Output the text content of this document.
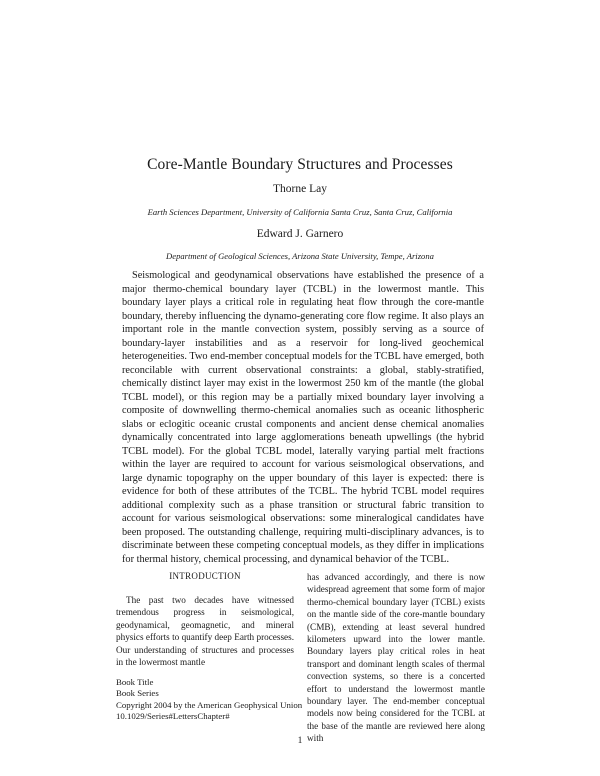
Core-Mantle Boundary Structures and Processes
Thorne Lay
Earth Sciences Department, University of California Santa Cruz, Santa Cruz, California
Edward J. Garnero
Department of Geological Sciences, Arizona State University, Tempe, Arizona

Seismological and geodynamical observations have established the presence of a major thermo-chemical boundary layer (TCBL) in the lowermost mantle. This boundary layer plays a critical role in regulating heat flow through the core-mantle boundary, thereby influencing the dynamo-generating core flow regime. It also plays an important role in the mantle convection system, possibly serving as a source of boundary-layer instabilities and as a reservoir for long-lived geochemical heterogeneities. Two end-member conceptual models for the TCBL have emerged, both reconcilable with current observational constraints: a global, stably-stratified, chemically distinct layer may exist in the lowermost 250 km of the mantle (the global TCBL model), or this region may be a partially mixed boundary layer involving a composite of downwelling thermo-chemical anomalies such as oceanic lithospheric slabs or eclogitic oceanic crustal components and ancient dense chemical anomalies dynamically concentrated into large agglomerations beneath upwellings (the hybrid TCBL model). For the global TCBL model, laterally varying partial melt fractions within the layer are required to account for various seismological observations, and large dynamic topography on the upper boundary of this layer is expected: there is evidence for both of these attributes of the TCBL. The hybrid TCBL model requires additional complexity such as a phase transition or structural fabric transition to account for various seismological observations: some mineralogical candidates have been proposed. The outstanding challenge, requiring multi-disciplinary advances, is to discriminate between these competing conceptual models, as they differ in implications for thermal history, chemical processing, and dynamical behavior of the TCBL.

INTRODUCTION

The past two decades have witnessed tremendous progress in seismological, geodynamical, geomagnetic, and mineral physics efforts to quantify deep Earth processes. Our understanding of structures and processes in the lowermost mantle

has advanced accordingly, and there is now widespread agreement that some form of major thermo-chemical boundary layer (TCBL) exists on the mantle side of the core-mantle boundary (CMB), extending at least several hundred kilometers upward into the lower mantle. Boundary layers play critical roles in heat transport and dominant length scales of thermal convection systems, so there is a concerted effort to understand the lowermost mantle boundary layer. The end-member conceptual models now being considered for the TCBL at the base of the mantle are reviewed here along with

Book Title
Book Series
Copyright 2004 by the American Geophysical Union
10.1029/Series#LettersChapter#
1
